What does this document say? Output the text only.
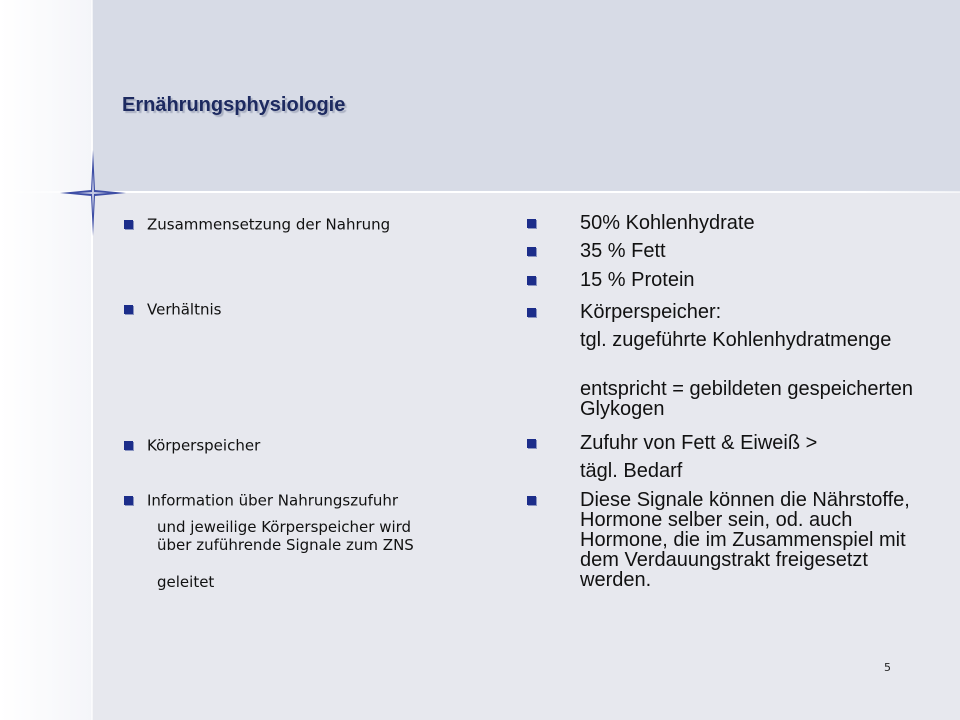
Ernährungsphysiologie
Zusammensetzung der Nahrung
Verhältnis
Körperspeicher
Information über Nahrungszufuhr
und jeweilige Körperspeicher wird
über zuführende Signale zum ZNS
geleitet
50% Kohlenhydrate
35 % Fett
15 % Protein
Körperspeicher:
tgl. zugeführte Kohlenhydratmenge
entspricht = gebildeten gespeicherten Glykogen
Zufuhr von Fett & Eiweiß >
tägl. Bedarf
Diese Signale können die Nährstoffe, Hormone selber sein, od. auch Hormone, die im Zusammenspiel mit dem Verdauungstrakt freigesetzt werden.
5
